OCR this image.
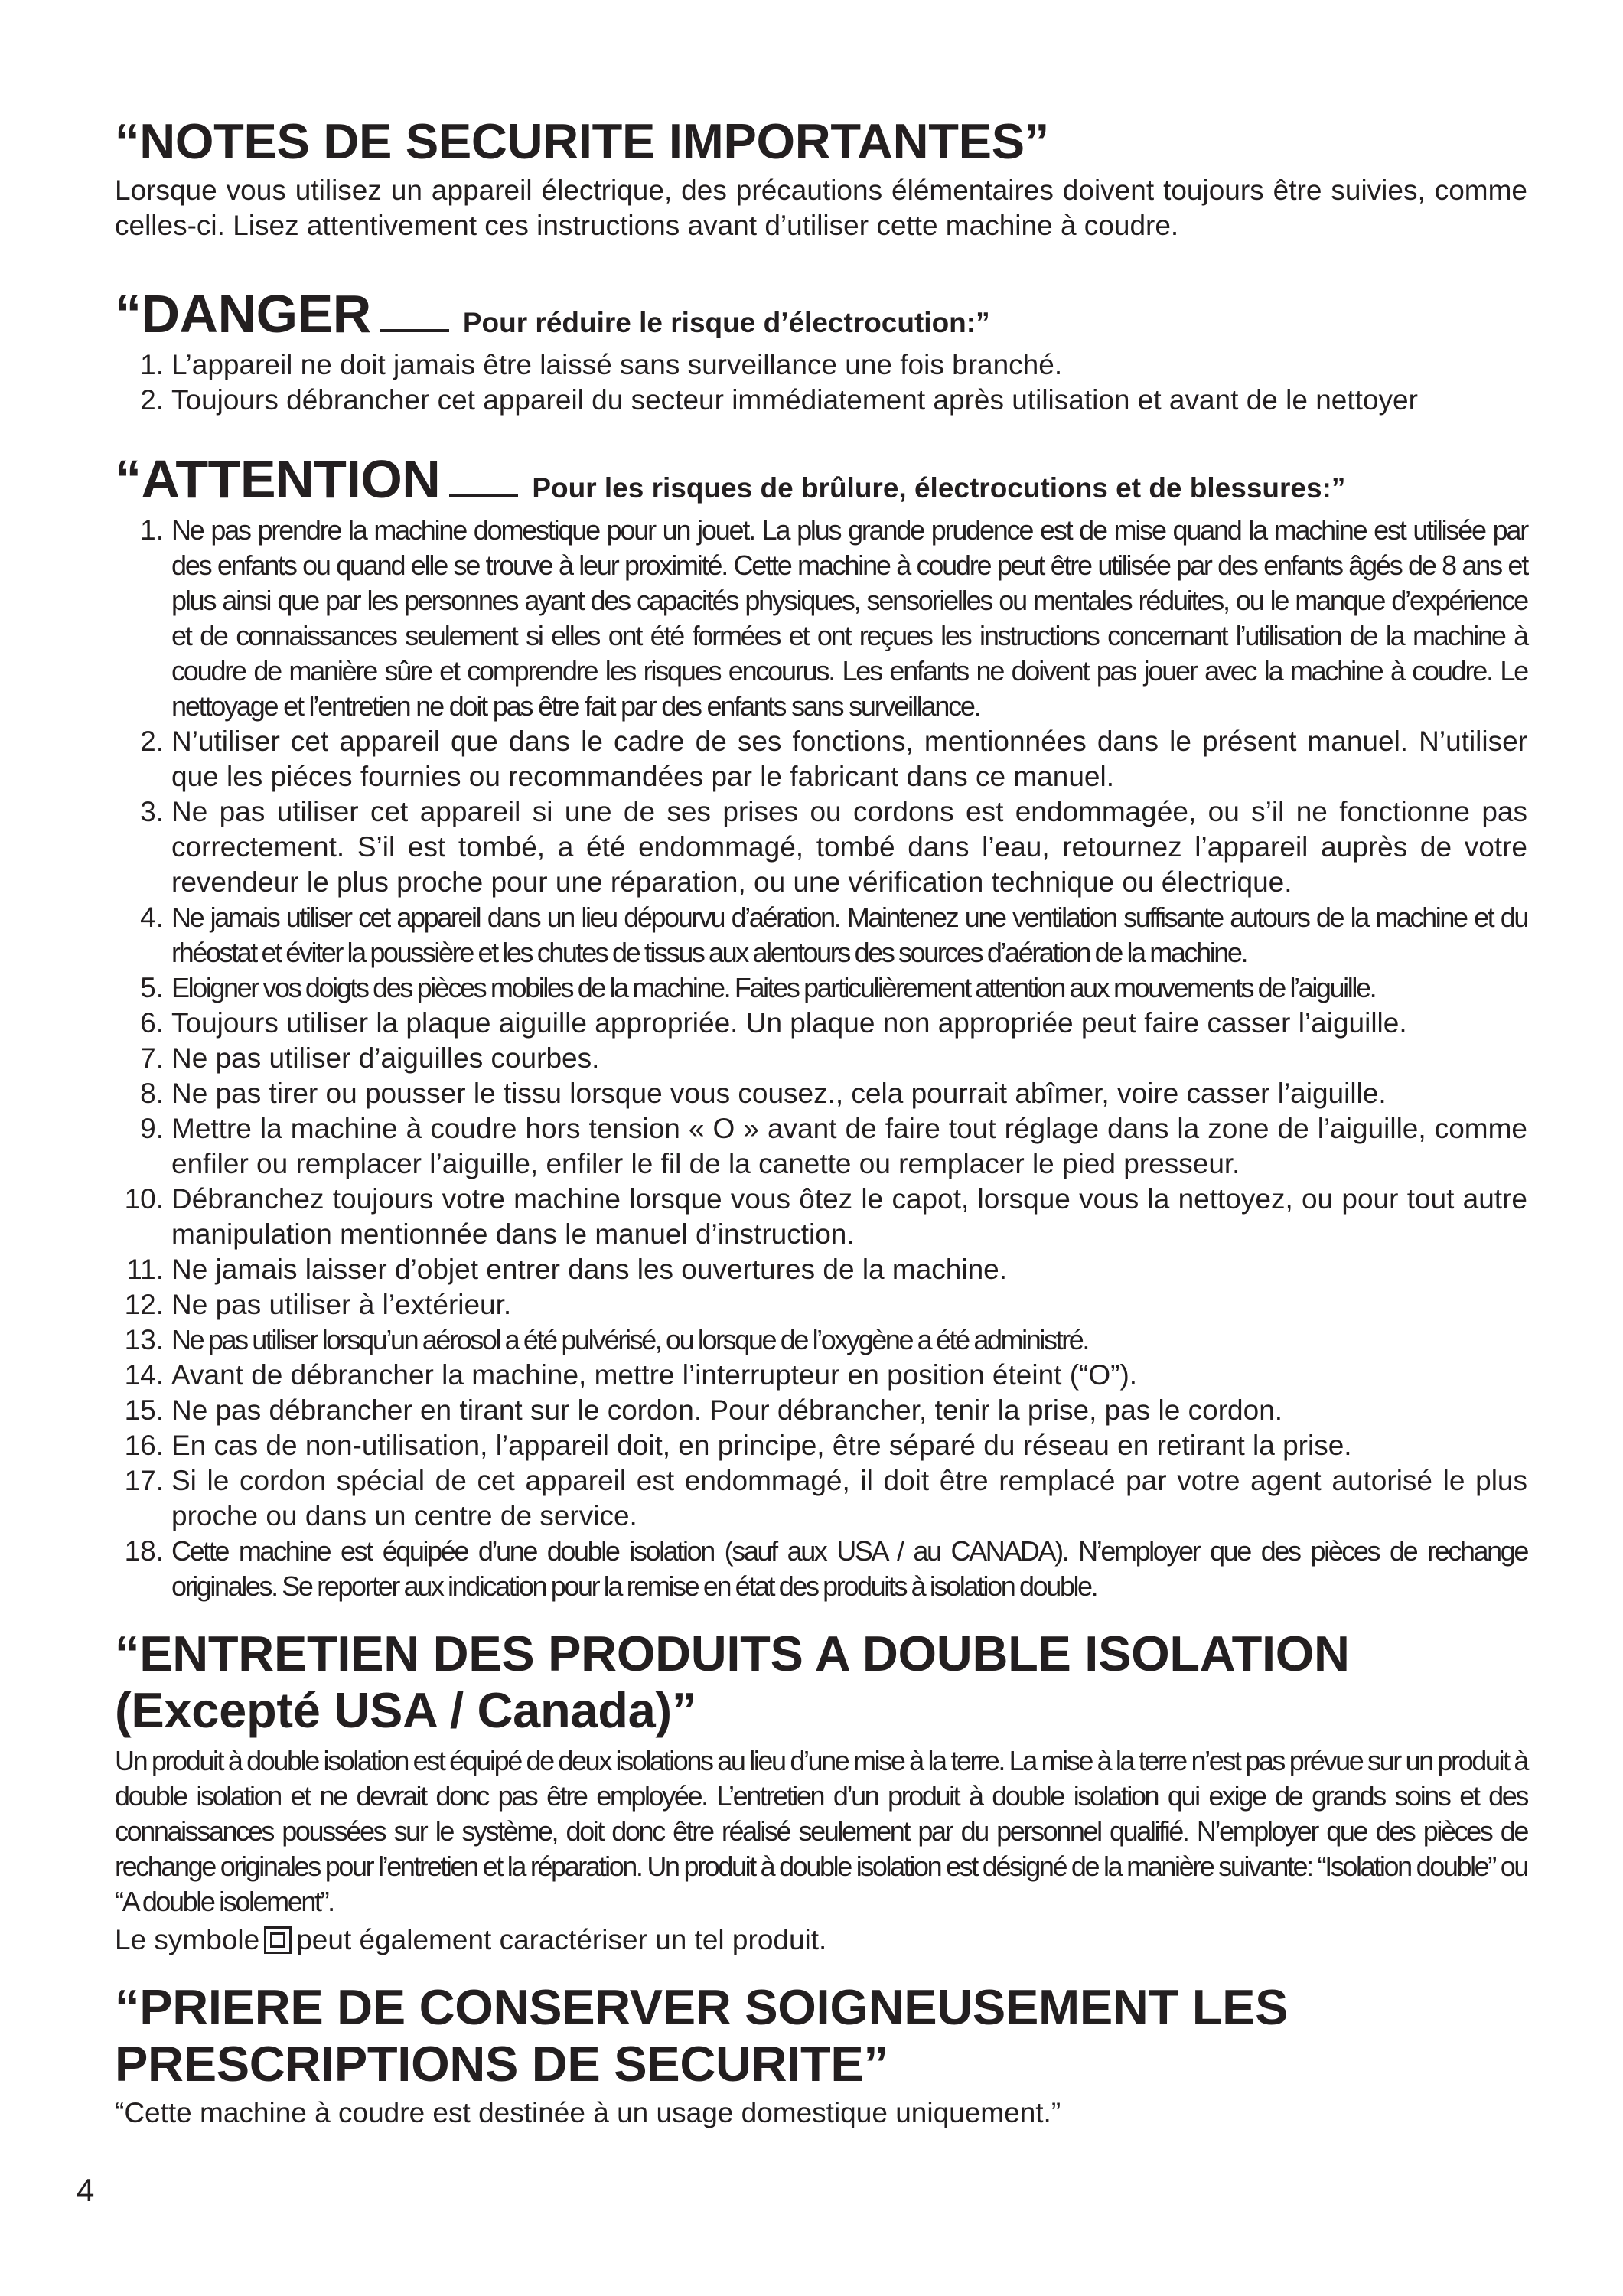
“NOTES DE SECURITE IMPORTANTES”

Lorsque vous utilisez un appareil électrique, des précautions élémentaires doivent toujours être suivies, comme celles-ci. Lisez attentivement ces instructions avant d’utiliser cette machine à coudre.

“DANGER	Pour réduire le risque d’électrocution:”
1. L’appareil ne doit jamais être laissé sans surveillance une fois branché.
2. Toujours débrancher cet appareil du secteur immédiatement après utilisation et avant de le nettoyer
“ATTENTION	Pour les risques de brûlure, électrocutions et de blessures:”
1. Ne pas prendre la machine domestique pour un jouet. La plus grande prudence est de mise quand la machine est utilisée par des enfants ou quand elle se trouve à leur proximité. Cette machine à coudre peut être utilisée par des enfants âgés de 8 ans et plus ainsi que par les personnes ayant des capacités physiques, sensorielles ou mentales réduites, ou le manque d’expérience et de connaissances seulement si elles ont été formées et ont reçues les instructions concernant l’utilisation de la machine à coudre de manière sûre et comprendre les risques encourus. Les enfants ne doivent pas jouer avec la machine à coudre. Le nettoyage et l’entretien ne doit pas être fait par des enfants sans surveillance.
2. N’utiliser cet appareil que dans le cadre de ses fonctions, mentionnées dans le présent manuel. N’utiliser que les piéces fournies ou recommandées par le fabricant dans ce manuel.
3. Ne pas utiliser cet appareil si une de ses prises ou cordons est endommagée, ou s’il ne fonctionne pas correctement. S’il est tombé, a été endommagé, tombé dans l’eau, retournez l’appareil auprès de votre revendeur le plus proche pour une réparation, ou une vérification technique ou électrique.
4. Ne jamais utiliser cet appareil dans un lieu dépourvu d’aération. Maintenez une ventilation suffisante autours de la machine et du rhéostat et éviter la poussière et les chutes de tissus aux alentours des sources d’aération de la machine.
5. Eloigner vos doigts des pièces mobiles de la machine. Faites particulièrement attention aux mouvements de l’aiguille.
6. Toujours utiliser la plaque aiguille appropriée. Un plaque non appropriée peut faire casser l’aiguille.
7. Ne pas utiliser d’aiguilles courbes.
8. Ne pas tirer ou pousser le tissu lorsque vous cousez., cela pourrait abîmer, voire casser l’aiguille.
9. Mettre la machine à coudre hors tension « O » avant de faire tout réglage dans la zone de l’aiguille, comme enfiler ou remplacer l’aiguille, enfiler le fil de la canette ou remplacer le pied presseur.
10. Débranchez toujours votre machine lorsque vous ôtez le capot, lorsque vous la nettoyez, ou pour tout autre manipulation mentionnée dans le manuel d’instruction.
11. Ne jamais laisser d’objet entrer dans les ouvertures de la machine.
12. Ne pas utiliser à l’extérieur.
13. Ne pas utiliser lorsqu’un aérosol a été pulvérisé, ou lorsque de l’oxygène a été administré.
14. Avant de débrancher la machine, mettre l’interrupteur en position éteint (“O”).
15. Ne pas débrancher en tirant sur le cordon. Pour débrancher, tenir la prise, pas le cordon.
16. En cas de non-utilisation, l’appareil doit, en principe, être séparé du réseau en retirant la prise.
17. Si le cordon spécial de cet appareil est endommagé, il doit être remplacé par votre agent autorisé le plus proche ou dans un centre de service.
18. Cette machine est équipée d’une double isolation (sauf aux USA / au CANADA). N’employer que des pièces de rechange originales. Se reporter aux indication pour la remise en état des produits à isolation double.
“ENTRETIEN DES PRODUITS A DOUBLE ISOLATION (Excepté USA / Canada)”

Un produit à double isolation est équipé de deux isolations au lieu d’une mise à la terre. La mise à la terre n’est pas prévue sur un produit à double isolation et ne devrait donc pas être employée. L’entretien d’un produit à double isolation qui exige de grands soins et des connaissances poussées sur le système, doit donc être réalisé seulement par du personnel qualifié. N’employer que des pièces de rechange originales pour l’entretien et la réparation. Un produit à double isolation est désigné de la manière suivante: “Isolation double” ou “A double isolement”.

Le symbole peut également caractériser un tel produit.

“PRIERE DE CONSERVER SOIGNEUSEMENT LES PRESCRIPTIONS DE SECURITE”

“Cette machine à coudre est destinée à un usage domestique uniquement.”

4
